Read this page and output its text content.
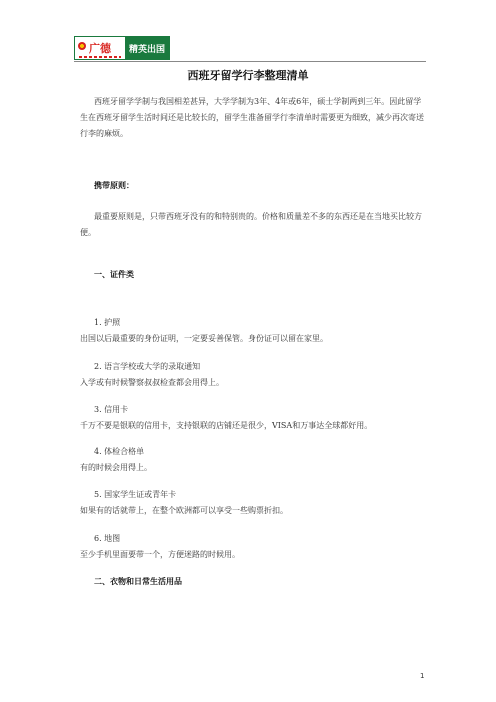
广德	精英出国
西班牙留学行李整理清单
西班牙留学学制与我国相差甚异，大学学制为3年、4年或6年，硕士学制两到三年。因此留学生在西班牙留学生活时间还是比较长的，留学生准备留学行李清单时需要更为细致，减少再次寄送行李的麻烦。
携带原则：
最重要原则是，只带西班牙没有的和特别贵的。价格和质量差不多的东西还是在当地买比较方便。
一、证件类
1. 护照
出国以后最重要的身份证明，一定要妥善保管。身份证可以留在家里。
2. 语言学校或大学的录取通知
入学或有时候警察叔叔检查都会用得上。
3. 信用卡
千万不要是银联的信用卡，支持银联的店铺还是很少，VISA和万事达全球都好用。
4. 体检合格单
有的时候会用得上。
5. 国家学生证或青年卡
如果有的话就带上，在整个欧洲都可以享受一些购票折扣。
6. 地图
至少手机里面要带一个，方便迷路的时候用。
二、衣物和日常生活用品
1
